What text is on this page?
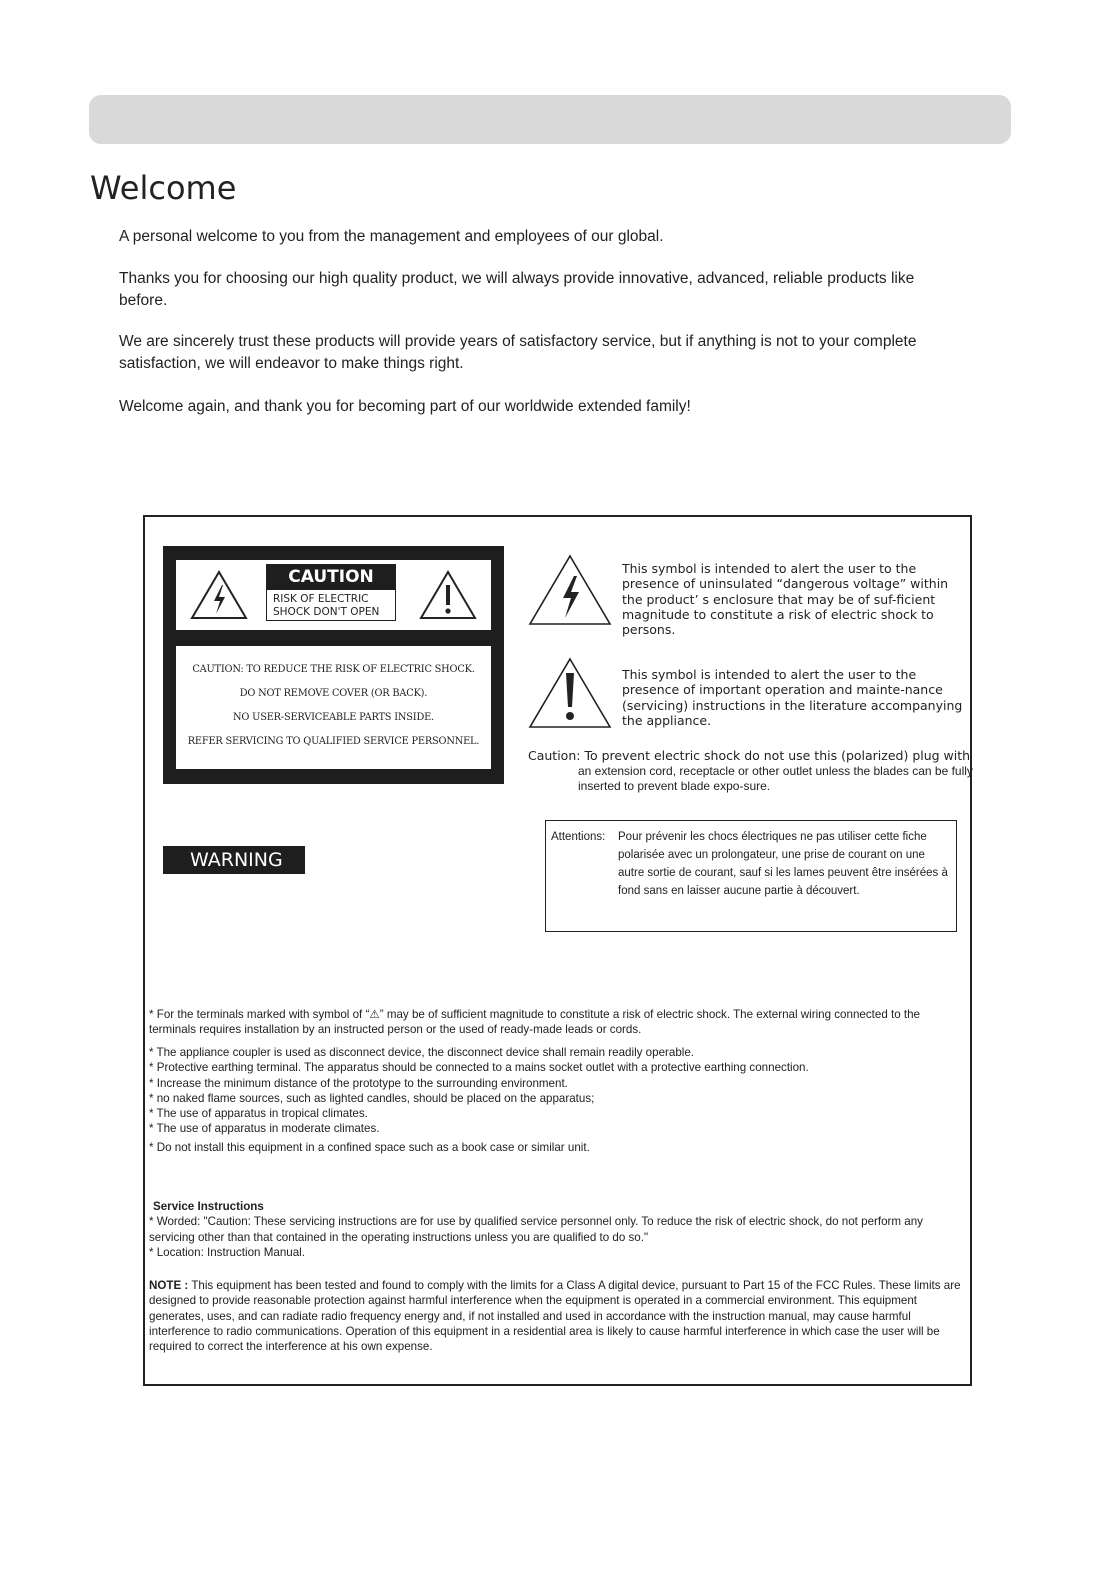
Welcome

A personal welcome to you from the management and employees of our global.

Thanks you for choosing our high quality product, we will always provide innovative, advanced, reliable products like before.

We are sincerely trust these products will provide years of satisfactory service, but if anything is not to your complete satisfaction, we will endeavor to make things right.

Welcome again, and thank you for becoming part of our worldwide extended family!

CAUTION
RISK OF ELECTRIC
SHOCK DON'T OPEN
CAUTION: TO REDUCE THE RISK OF ELECTRIC SHOCK.
DO NOT REMOVE COVER (OR BACK).
NO USER-SERVICEABLE PARTS INSIDE.
REFER SERVICING TO QUALIFIED SERVICE PERSONNEL.
This symbol is intended to alert the user to the presence of uninsulated “dangerous voltage” within the product’ s enclosure that may be of suf-ficient magnitude to constitute a risk of electric shock to persons.
This symbol is intended to alert the user to the presence of important operation and mainte-nance (servicing) instructions in the literature accompanying the appliance.
Caution: To prevent electric shock do not use this (polarized) plug with
an extension cord, receptacle or other outlet unless the blades can be fully inserted to prevent blade expo-sure.
Attentions: Pour prévenir les chocs électriques ne pas utiliser cette fiche polarisée avec un prolongateur, une prise de courant on une autre sortie de courant, sauf si les lames peuvent être insérées à fond sans en laisser aucune partie à découvert.
WARNING
* For the terminals marked with symbol of “⚠” may be of sufficient magnitude to constitute a risk of electric shock. The external wiring connected to the terminals requires installation by an instructed person or the used of ready-made leads or cords.

* The appliance coupler is used as disconnect device, the disconnect device shall remain readily operable.

* Protective earthing terminal. The apparatus should be connected to a mains socket outlet with a protective earthing connection.

* Increase the minimum distance of the prototype to the surrounding environment.

* no naked flame sources, such as lighted candles, should be placed on the apparatus;

* The use of apparatus in tropical climates.

* The use of apparatus in moderate climates.

* Do not install this equipment in a confined space such as a book case or similar unit.

Service Instructions

* Worded: "Caution: These servicing instructions are for use by qualified service personnel only. To reduce the risk of electric shock, do not perform any servicing other than that contained in the operating instructions unless you are qualified to do so."

* Location: Instruction Manual.

NOTE : This equipment has been tested and found to comply with the limits for a Class A digital device, pursuant to Part 15 of the FCC Rules. These limits are designed to provide reasonable protection against harmful interference when the equipment is operated in a commercial environment. This equipment generates, uses, and can radiate radio frequency energy and, if not installed and used in accordance with the instruction manual, may cause harmful interference to radio communications. Operation of this equipment in a residential area is likely to cause harmful interference in which case the user will be required to correct the interference at his own expense.
